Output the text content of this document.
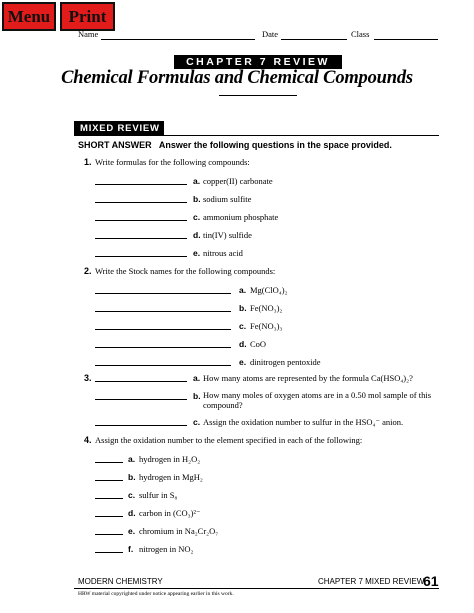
Menu	Print
Name	Date	Class
CHAPTER 7 REVIEW
Chemical Formulas and Chemical Compounds
MIXED REVIEW
SHORT ANSWER Answer the following questions in the space provided.
1. Write formulas for the following compounds:
a. copper(II) carbonate
b. sodium sulfite
c. ammonium phosphate
d. tin(IV) sulfide
e. nitrous acid
2. Write the Stock names for the following compounds:
a. Mg(ClO₄)₂
b. Fe(NO₃)₂
c. Fe(NO₃)₃
d. CoO
e. dinitrogen pentoxide
3.	a. How many atoms are represented by the formula Ca(HSO₄)₂?
b. How many moles of oxygen atoms are in a 0.50 mol sample of this compound?
c. Assign the oxidation number to sulfur in the HSO₄⁻ anion.
4. Assign the oxidation number to the element specified in each of the following:
a. hydrogen in H₂O₂
b. hydrogen in MgH₂
c. sulfur in S₈
d. carbon in (CO₃)²⁻
e. chromium in Na₂Cr₂O₇
f. nitrogen in NO₂
MODERN CHEMISTRY	CHAPTER 7 MIXED REVIEW
61
HRW material copyrighted under notice appearing earlier in this work.
